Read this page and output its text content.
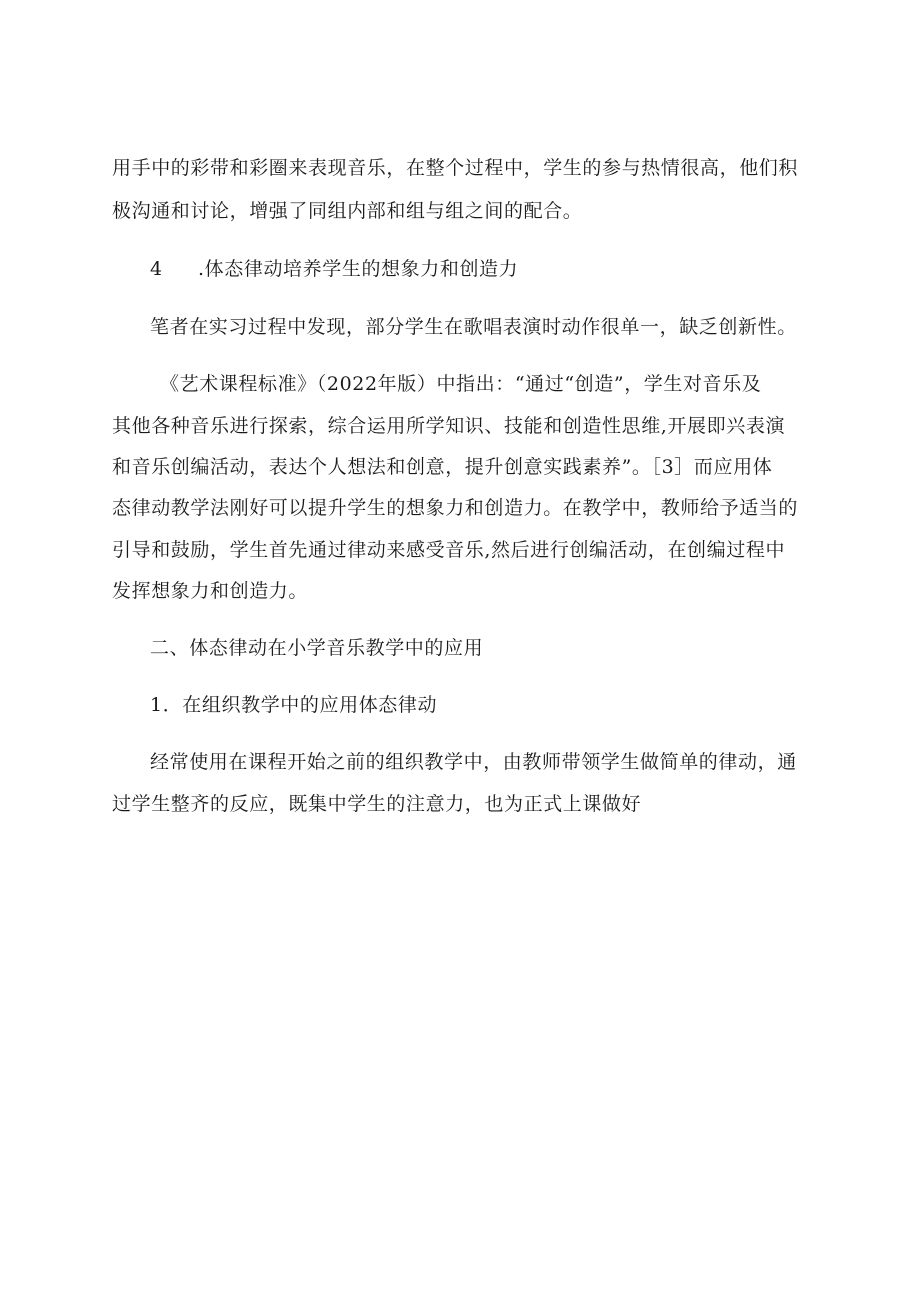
用手中的彩带和彩圈来表现音乐，在整个过程中，学生的参与热情很高，他们积
极沟通和讨论，增强了同组内部和组与组之间的配合。
4 .体态律动培养学生的想象力和创造力
笔者在实习过程中发现，部分学生在歌唱表演时动作很单一，缺乏创新性。
《艺术课程标准》（2022年版）中指出：“通过“创造”，学生对音乐及
其他各种音乐进行探索，综合运用所学知识、技能和创造性思维,开展即兴表演
和音乐创编活动，表达个人想法和创意，提升创意实践素养”。［3］而应用体
态律动教学法刚好可以提升学生的想象力和创造力。在教学中，教师给予适当的
引导和鼓励，学生首先通过律动来感受音乐,然后进行创编活动，在创编过程中
发挥想象力和创造力。
二、体态律动在小学音乐教学中的应用
1．在组织教学中的应用体态律动
经常使用在课程开始之前的组织教学中，由教师带领学生做简单的律动，通
过学生整齐的反应，既集中学生的注意力，也为正式上课做好
